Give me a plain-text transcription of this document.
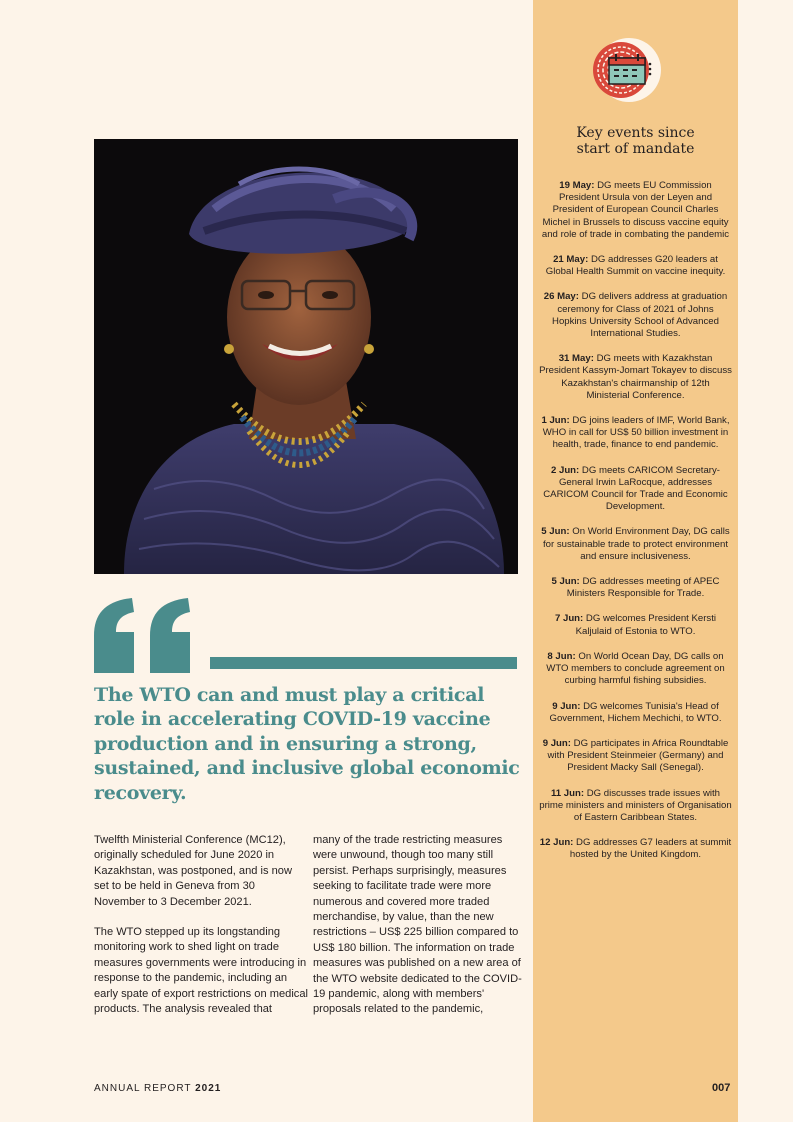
Key events since
start of mandate
19 May: DG meets EU Commission President Ursula von der Leyen and President of European Council Charles Michel in Brussels to discuss vaccine equity and role of trade in combating the pandemic
21 May: DG addresses G20 leaders at Global Health Summit on vaccine inequity.
26 May: DG delivers address at graduation ceremony for Class of 2021 of Johns Hopkins University School of Advanced International Studies.
31 May: DG meets with Kazakhstan President Kassym-Jomart Tokayev to discuss Kazakhstan's chairmanship of 12th Ministerial Conference.
1 Jun: DG joins leaders of IMF, World Bank, WHO in call for US$ 50 billion investment in health, trade, finance to end pandemic.
2 Jun: DG meets CARICOM Secretary-General Irwin LaRocque, addresses CARICOM Council for Trade and Economic Development.
5 Jun: On World Environment Day, DG calls for sustainable trade to protect environment and ensure inclusiveness.
5 Jun: DG addresses meeting of APEC Ministers Responsible for Trade.
7 Jun: DG welcomes President Kersti Kaljulaid of Estonia to WTO.
8 Jun: On World Ocean Day, DG calls on WTO members to conclude agreement on curbing harmful fishing subsidies.
9 Jun: DG welcomes Tunisia's Head of Government, Hichem Mechichi, to WTO.
9 Jun: DG participates in Africa Roundtable with President Steinmeier (Germany) and President Macky Sall (Senegal).
11 Jun: DG discusses trade issues with prime ministers and ministers of Organisation of Eastern Caribbean States.
12 Jun: DG addresses G7 leaders at summit hosted by the United Kingdom.

The WTO can and must play a critical role in accelerating COVID-19 vaccine production and in ensuring a strong, sustained, and inclusive global economic recovery.

Twelfth Ministerial Conference (MC12), originally scheduled for June 2020 in Kazakhstan, was postponed, and is now set to be held in Geneva from 30 November to 3 December 2021.

The WTO stepped up its longstanding monitoring work to shed light on trade measures governments were introducing in response to the pandemic, including an early spate of export restrictions on medical products. The analysis revealed that

many of the trade restricting measures were unwound, though too many still persist. Perhaps surprisingly, measures seeking to facilitate trade were more numerous and covered more traded merchandise, by value, than the new restrictions – US$ 225 billion compared to US$ 180 billion. The information on trade measures was published on a new area of the WTO website dedicated to the COVID-19 pandemic, along with members' proposals related to the pandemic,

ANNUAL REPORT 2021	007
